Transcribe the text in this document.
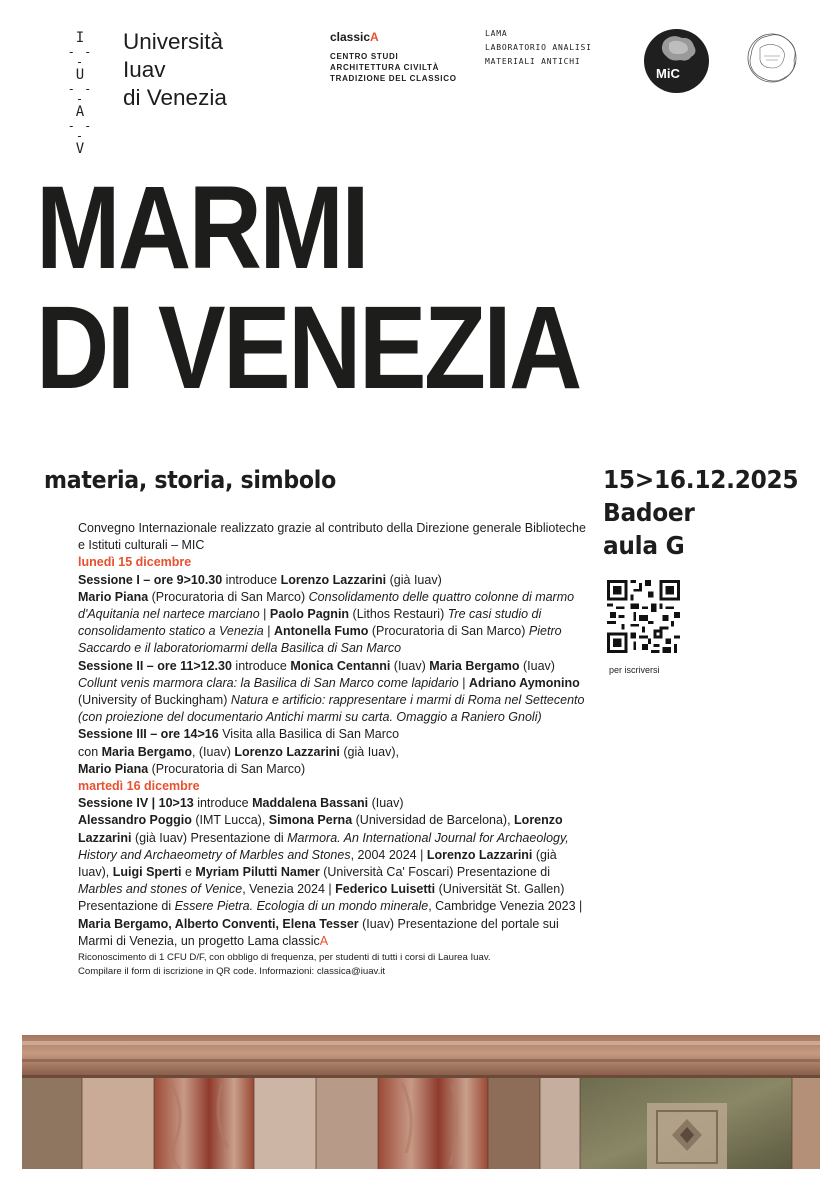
I
- - -
U
- - -
A
- - -
V
Università
Iuav
di Venezia
classicA
CENTRO STUDI
ARCHITETTURA CIVILTÀ
TRADIZIONE DEL CLASSICO
LAMA
LABORATORIO ANALISI
MATERIALI ANTICHI
MiC
MARMI
DI VENEZIA
materia, storia, simbolo	15>16.12.2025
Badoer
aula G
per iscriversi

Convegno Internazionale realizzato grazie al contributo della Direzione generale Biblioteche e Istituti culturali – MIC

lunedì 15 dicembre

Sessione I – ore 9>10.30 introduce Lorenzo Lazzarini (già Iuav)
Mario Piana (Procuratoria di San Marco) Consolidamento delle quattro colonne di marmo d'Aquitania nel nartece marciano | Paolo Pagnin (Lithos Restauri) Tre casi studio di consolidamento statico a Venezia | Antonella Fumo (Procuratoria di San Marco) Pietro Saccardo e il laboratoriomarmi della Basilica di San Marco

Sessione II – ore 11>12.30 introduce Monica Centanni (Iuav) Maria Bergamo (Iuav) Collunt venis marmora clara: la Basilica di San Marco come lapidario | Adriano Aymonino (University of Buckingham) Natura e artificio: rappresentare i marmi di Roma nel Settecento (con proiezione del documentario Antichi marmi su carta. Omaggio a Raniero Gnoli)

Sessione III – ore 14>16 Visita alla Basilica di San Marco
con Maria Bergamo, (Iuav) Lorenzo Lazzarini (già Iuav),
Mario Piana (Procuratoria di San Marco)

martedì 16 dicembre

Sessione IV | 10>13 introduce Maddalena Bassani (Iuav)
Alessandro Poggio (IMT Lucca), Simona Perna (Universidad de Barcelona), Lorenzo Lazzarini (già Iuav) Presentazione di Marmora. An International Journal for Archaeology, History and Archaeometry of Marbles and Stones, 2004 2024 | Lorenzo Lazzarini (già Iuav), Luigi Sperti e Myriam Pilutti Namer (Università Ca' Foscari) Presentazione di Marbles and stones of Venice, Venezia 2024 | Federico Luisetti (Universität St. Gallen) Presentazione di Essere Pietra. Ecologia di un mondo minerale, Cambridge Venezia 2023 | Maria Bergamo, Alberto Conventi, Elena Tesser (Iuav) Presentazione del portale sui Marmi di Venezia, un progetto Lama classicA

Riconoscimento di 1 CFU D/F, con obbligo di frequenza, per studenti di tutti i corsi di Laurea Iuav.
Compilare il form di iscrizione in QR code. Informazioni: classica@iuav.it
